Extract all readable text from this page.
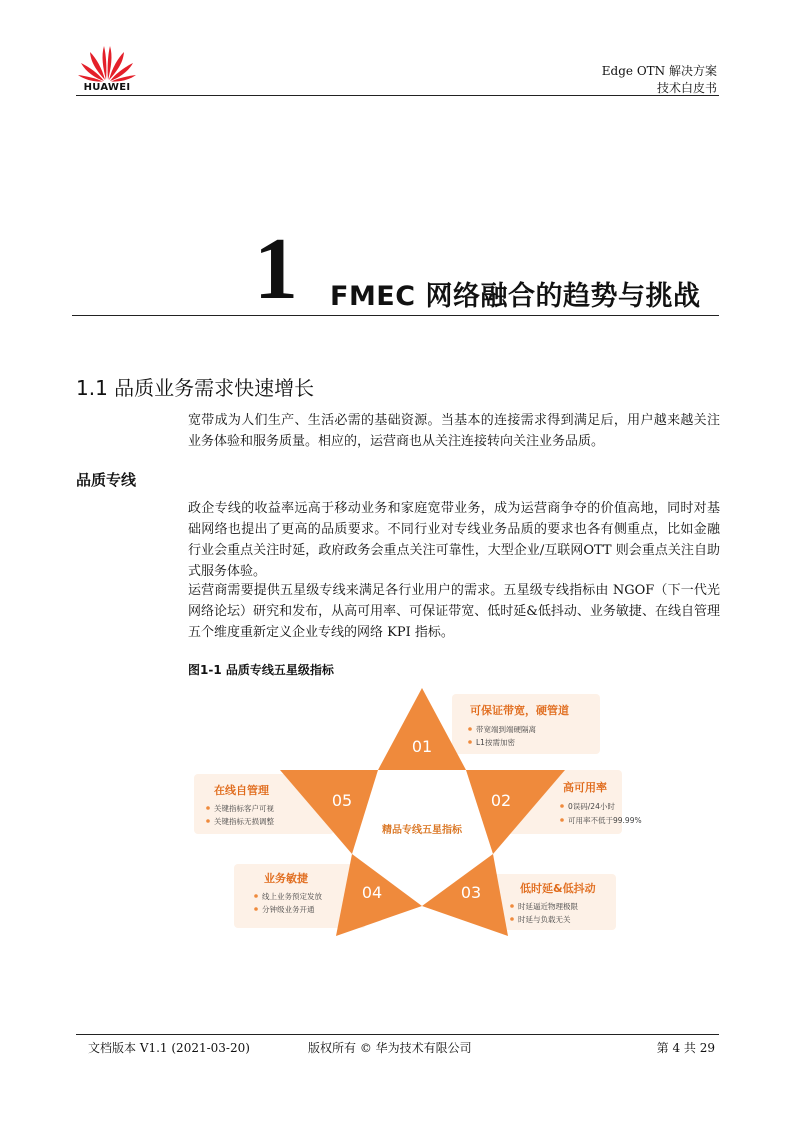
HUAWEI
Edge OTN 解决方案
技术白皮书
1 FMEC 网络融合的趋势与挑战
1.1 品质业务需求快速增长
宽带成为人们生产、生活必需的基础资源。当基本的连接需求得到满足后，用户越来越关注业务体验和服务质量。相应的，运营商也从关注连接转向关注业务品质。
品质专线
政企专线的收益率远高于移动业务和家庭宽带业务，成为运营商争夺的价值高地，同时对基础网络也提出了更高的品质要求。不同行业对专线业务品质的要求也各有侧重点，比如金融行业会重点关注时延，政府政务会重点关注可靠性，大型企业/互联网OTT 则会重点关注自助式服务体验。
运营商需要提供五星级专线来满足各行业用户的需求。五星级专线指标由 NGOF（下一代光网络论坛）研究和发布，从高可用率、可保证带宽、低时延&低抖动、业务敏捷、在线自管理五个维度重新定义企业专线的网络 KPI 指标。
图1-1 品质专线五星级指标
01
02
03
04
05
精品专线五星指标
可保证带宽，硬管道
带宽端到端硬隔离
L1按需加密
高可用率
0误码/24小时
可用率不低于99.99%
低时延&低抖动
时延逼近物理极限
时延与负载无关
业务敏捷
线上业务预定发放
分钟级业务开通
在线自管理
关键指标客户可视
关键指标无损调整
文档版本 V1.1 (2021-03-20)	版权所有 © 华为技术有限公司	第 4 共 29
